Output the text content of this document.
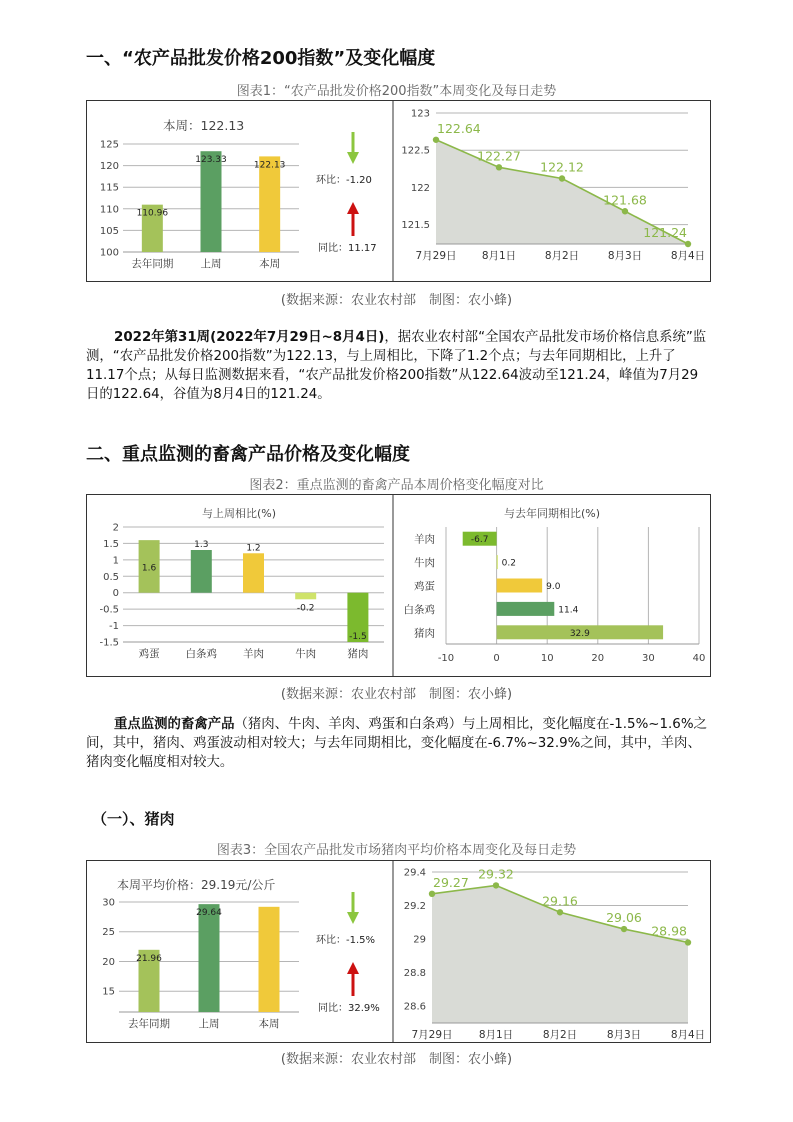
一、“农产品批发价格200指数”及变化幅度
图表1：“农产品批发价格200指数”本周变化及每日走势
本周：122.13
100
105
110
115
120
125
去年同期
110.96
上周
123.33
本周
122.13
环比：-1.20
同比：11.17
121.5
122
122.5
123
122.64
7月29日
122.27
8月1日
122.12
8月2日
121.68
8月3日
121.24
8月4日
(数据来源：农业农村部　制图：农小蜂)
2022年第31周(2022年7月29日~8月4日)，据农业农村部“全国农产品批发市场价格信息系统”监测，“农产品批发价格200指数”为122.13，与上周相比，下降了1.2个点；与去年同期相比，上升了11.17个点；从每日监测数据来看，“农产品批发价格200指数”从122.64波动至121.24，峰值为7月29日的122.64，谷值为8月4日的121.24。
二、重点监测的畜禽产品价格及变化幅度
图表2：重点监测的畜禽产品本周价格变化幅度对比
与上周相比(%)
-1.5
-1
-0.5
0
0.5
1
1.5
2
鸡蛋
1.6
白条鸡
1.3
羊肉
1.2
牛肉
-0.2
猪肉
-1.5
与去年同期相比(%)
-10	0	10	20	30	40
羊肉	-6.7
牛肉	0.2
鸡蛋	9.0
白条鸡	11.4
猪肉	32.9
(数据来源：农业农村部　制图：农小蜂)
重点监测的畜禽产品（猪肉、牛肉、羊肉、鸡蛋和白条鸡）与上周相比，变化幅度在-1.5%~1.6%之间，其中，猪肉、鸡蛋波动相对较大；与去年同期相比，变化幅度在-6.7%~32.9%之间，其中，羊肉、猪肉变化幅度相对较大。
（一）、猪肉
图表3：全国农产品批发市场猪肉平均价格本周变化及每日走势
本周平均价格：29.19元/公斤
15
20
25
30
去年同期
21.96
上周
29.64
本周
环比：-1.5%
同比：32.9% 28.6
28.8
29
29.2
29.4
29.27
7月29日
29.32
8月1日
29.16
8月2日
29.06
8月3日
28.98
8月4日
(数据来源：农业农村部　制图：农小蜂)
